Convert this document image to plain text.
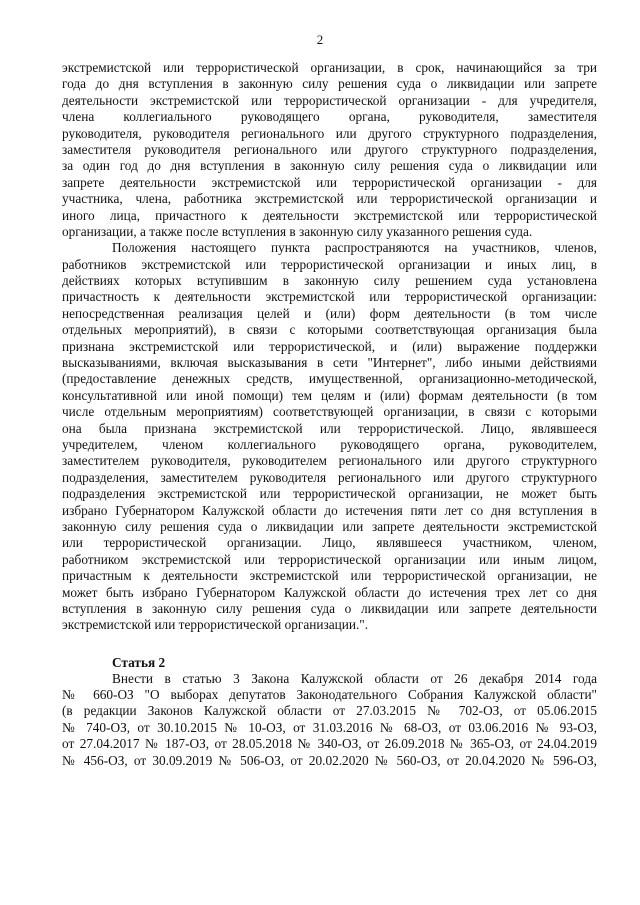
2
экстремистской или террористической организации, в срок, начинающийся за три
года до дня вступления в законную силу решения суда о ликвидации или запрете
деятельности экстремистской или террористической организации - для учредителя,
члена коллегиального руководящего органа, руководителя, заместителя
руководителя, руководителя регионального или другого структурного подразделения,
заместителя руководителя регионального или другого структурного подразделения,
за один год до дня вступления в законную силу решения суда о ликвидации или
запрете деятельности экстремистской или террористической организации - для
участника, члена, работника экстремистской или террористической организации и
иного лица, причастного к деятельности экстремистской или террористической
организации, а также после вступления в законную силу указанного решения суда.
Положения настоящего пункта распространяются на участников, членов,
работников экстремистской или террористической организации и иных лиц, в
действиях которых вступившим в законную силу решением суда установлена
причастность к деятельности экстремистской или террористической организации:
непосредственная реализация целей и (или) форм деятельности (в том числе
отдельных мероприятий), в связи с которыми соответствующая организация была
признана экстремистской или террористической, и (или) выражение поддержки
высказываниями, включая высказывания в сети "Интернет", либо иными действиями
(предоставление денежных средств, имущественной, организационно-методической,
консультативной или иной помощи) тем целям и (или) формам деятельности (в том
числе отдельным мероприятиям) соответствующей организации, в связи с которыми
она была признана экстремистской или террористической. Лицо, являвшееся
учредителем, членом коллегиального руководящего органа, руководителем,
заместителем руководителя, руководителем регионального или другого структурного
подразделения, заместителем руководителя регионального или другого структурного
подразделения экстремистской или террористической организации, не может быть
избрано Губернатором Калужской области до истечения пяти лет со дня вступления в
законную силу решения суда о ликвидации или запрете деятельности экстремистской
или террористической организации. Лицо, являвшееся участником, членом,
работником экстремистской или террористической организации или иным лицом,
причастным к деятельности экстремистской или террористической организации, не
может быть избрано Губернатором Калужской области до истечения трех лет со дня
вступления в законную силу решения суда о ликвидации или запрете деятельности
экстремистской или террористической организации.".
Статья 2
Внести в статью 3 Закона Калужской области от 26 декабря 2014 года
№ 660-ОЗ "О выборах депутатов Законодательного Собрания Калужской области"
(в редакции Законов Калужской области от 27.03.2015 № 702-ОЗ, от 05.06.2015
№ 740-ОЗ, от 30.10.2015 № 10-ОЗ, от 31.03.2016 № 68-ОЗ, от 03.06.2016 № 93-ОЗ,
от 27.04.2017 № 187-ОЗ, от 28.05.2018 № 340-ОЗ, от 26.09.2018 № 365-ОЗ, от 24.04.2019
№ 456-ОЗ, от 30.09.2019 № 506-ОЗ, от 20.02.2020 № 560-ОЗ, от 20.04.2020 № 596-ОЗ,
